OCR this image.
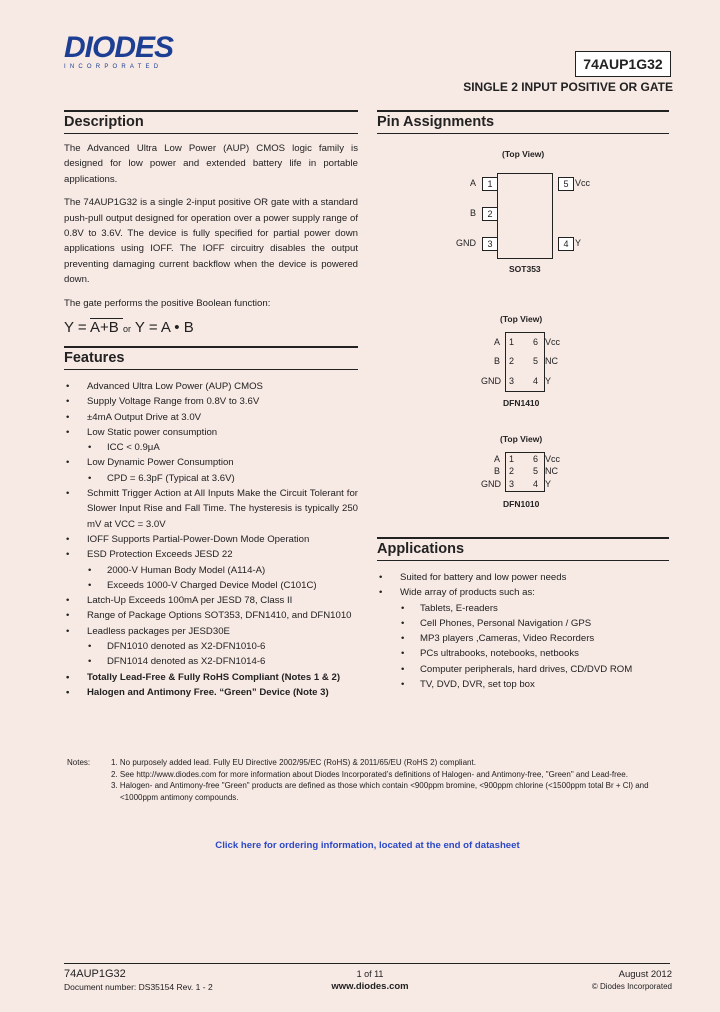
DIODES
INCORPORATED	74AUP1G32
SINGLE 2 INPUT POSITIVE OR GATE
Description
The Advanced Ultra Low Power (AUP) CMOS logic family is designed for low power and extended battery life in portable applications.
The 74AUP1G32 is a single 2-input positive OR gate with a standard push-pull output designed for operation over a power supply range of 0.8V to 3.6V. The device is fully specified for partial power down applications using IOFF. The IOFF circuitry disables the output preventing damaging current backflow when the device is powered down.
The gate performs the positive Boolean function:
Y = A+B or Y = A • B
Features
• Advanced Ultra Low Power (AUP) CMOS
• Supply Voltage Range from 0.8V to 3.6V
• ±4mA Output Drive at 3.0V
• Low Static power consumption
• ICC < 0.9μA
• Low Dynamic Power Consumption
• CPD = 6.3pF (Typical at 3.6V)
• Schmitt Trigger Action at All Inputs Make the Circuit Tolerant for Slower Input Rise and Fall Time. The hysteresis is typically 250 mV at VCC = 3.0V
• IOFF Supports Partial-Power-Down Mode Operation
• ESD Protection Exceeds JESD 22
• 2000-V Human Body Model (A114-A)
• Exceeds 1000-V Charged Device Model (C101C)
• Latch-Up Exceeds 100mA per JESD 78, Class II
• Range of Package Options SOT353, DFN1410, and DFN1010
• Leadless packages per JESD30E
• DFN1010 denoted as X2-DFN1010-6
• DFN1014 denoted as X2-DFN1014-6
• Totally Lead-Free & Fully RoHS Compliant (Notes 1 & 2)
• Halogen and Antimony Free. “Green” Device (Note 3)
Pin Assignments
(Top View)
A	1
B	2
GND	3
5 Vcc
4 Y
SOT353
(Top View)
A 1
B 2
GND 3
6 Vcc
5 NC
4 Y
DFN1410
(Top View)
A 1
B 2
GND 3
6 Vcc
5 NC
4 Y
DFN1010
Applications
• Suited for battery and low power needs
• Wide array of products such as:
• Tablets, E-readers
• Cell Phones, Personal Navigation / GPS
• MP3 players ,Cameras, Video Recorders
• PCs ultrabooks, notebooks, netbooks
• Computer peripherals, hard drives, CD/DVD ROM
• TV, DVD, DVR, set top box
Notes:	1. No purposely added lead. Fully EU Directive 2002/95/EC (RoHS) & 2011/65/EU (RoHS 2) compliant.
2. See http://www.diodes.com for more information about Diodes Incorporated’s definitions of Halogen- and Antimony-free, "Green" and Lead-free.
3. Halogen- and Antimony-free "Green" products are defined as those which contain <900ppm bromine, <900ppm chlorine (<1500ppm total Br + Cl) and
<1000ppm antimony compounds.
Click here for ordering information, located at the end of datasheet
74AUP1G32
Document number: DS35154 Rev. 1 - 2
1 of 11
www.diodes.com
August 2012
© Diodes Incorporated
